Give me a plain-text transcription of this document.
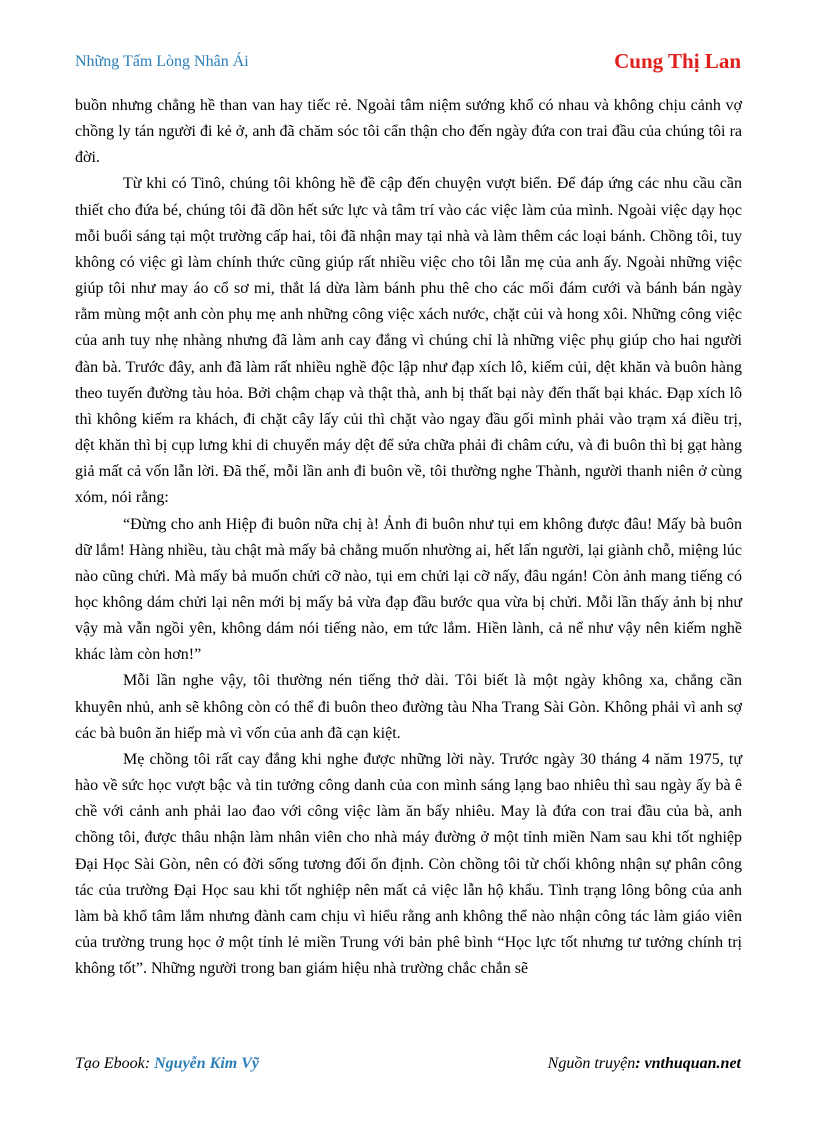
Những Tấm Lòng Nhân Ái	Cung Thị Lan

buồn nhưng chẳng hề than van hay tiếc rẻ. Ngoài tâm niệm sướng khổ có nhau và không chịu cảnh vợ chồng ly tán người đi kẻ ở, anh đã chăm sóc tôi cẩn thận cho đến ngày đứa con trai đầu của chúng tôi ra đời.

Từ khi có Tinô, chúng tôi không hề đề cập đến chuyện vượt biển. Để đáp ứng các nhu cầu cần thiết cho đứa bé, chúng tôi đã dồn hết sức lực và tâm trí vào các việc làm của mình. Ngoài việc dạy học mỗi buổi sáng tại một trường cấp hai, tôi đã nhận may tại nhà và làm thêm các loại bánh. Chồng tôi, tuy không có việc gì làm chính thức cũng giúp rất nhiều việc cho tôi lẫn mẹ của anh ấy. Ngoài những việc giúp tôi như may áo cổ sơ mi, thắt lá dừa làm bánh phu thê cho các mối đám cưới và bánh bán ngày rằm mùng một anh còn phụ mẹ anh những công việc xách nước, chặt củi và hong xôi. Những công việc của anh tuy nhẹ nhàng nhưng đã làm anh cay đắng vì chúng chỉ là những việc phụ giúp cho hai người đàn bà. Trước đây, anh đã làm rất nhiều nghề độc lập như đạp xích lô, kiếm củi, dệt khăn và buôn hàng theo tuyến đường tàu hỏa. Bởi chậm chạp và thật thà, anh bị thất bại này đến thất bại khác. Đạp xích lô thì không kiếm ra khách, đi chặt cây lấy củi thì chặt vào ngay đầu gối mình phải vào trạm xá điều trị, dệt khăn thì bị cụp lưng khi di chuyển máy dệt để sửa chữa phải đi châm cứu, và đi buôn thì bị gạt hàng giả mất cả vốn lẫn lời. Đã thế, mỗi lần anh đi buôn về, tôi thường nghe Thành, người thanh niên ở cùng xóm, nói rằng:

“Đừng cho anh Hiệp đi buôn nữa chị à! Ảnh đi buôn như tụi em không được đâu! Mấy bà buôn dữ lắm! Hàng nhiều, tàu chật mà mấy bả chẳng muốn nhường ai, hết lấn người, lại giành chỗ, miệng lúc nào cũng chửi. Mà mấy bả muốn chửi cỡ nào, tụi em chửi lại cỡ nấy, đâu ngán! Còn ảnh mang tiếng có học không dám chửi lại nên mới bị mấy bả vừa đạp đầu bước qua vừa bị chửi. Mỗi lần thấy ảnh bị như vậy mà vẫn ngồi yên, không dám nói tiếng nào, em tức lắm. Hiền lành, cả nể như vậy nên kiếm nghề khác làm còn hơn!”

Mỗi lần nghe vậy, tôi thường nén tiếng thở dài. Tôi biết là một ngày không xa, chẳng cần khuyên nhủ, anh sẽ không còn có thể đi buôn theo đường tàu Nha Trang Sài Gòn. Không phải vì anh sợ các bà buôn ăn hiếp mà vì vốn của anh đã cạn kiệt.

Mẹ chồng tôi rất cay đắng khi nghe được những lời này. Trước ngày 30 tháng 4 năm 1975, tự hào về sức học vượt bậc và tin tưởng công danh của con mình sáng lạng bao nhiêu thì sau ngày ấy bà ê chề với cảnh anh phải lao đao với công việc làm ăn bấy nhiêu. May là đứa con trai đầu của bà, anh chồng tôi, được thâu nhận làm nhân viên cho nhà máy đường ở một tỉnh miền Nam sau khi tốt nghiệp Đại Học Sài Gòn, nên có đời sống tương đối ổn định. Còn chồng tôi từ chối không nhận sự phân công tác của trường Đại Học sau khi tốt nghiệp nên mất cả việc lẫn hộ khẩu. Tình trạng lông bông của anh làm bà khổ tâm lắm nhưng đành cam chịu vì hiểu rằng anh không thể nào nhận công tác làm giáo viên của trường trung học ở một tỉnh lẻ miền Trung với bản phê bình “Học lực tốt nhưng tư tưởng chính trị không tốt”. Những người trong ban giám hiệu nhà trường chắc chắn sẽ

Tạo Ebook: Nguyễn Kim Vỹ	Nguồn truyện: vnthuquan.net
